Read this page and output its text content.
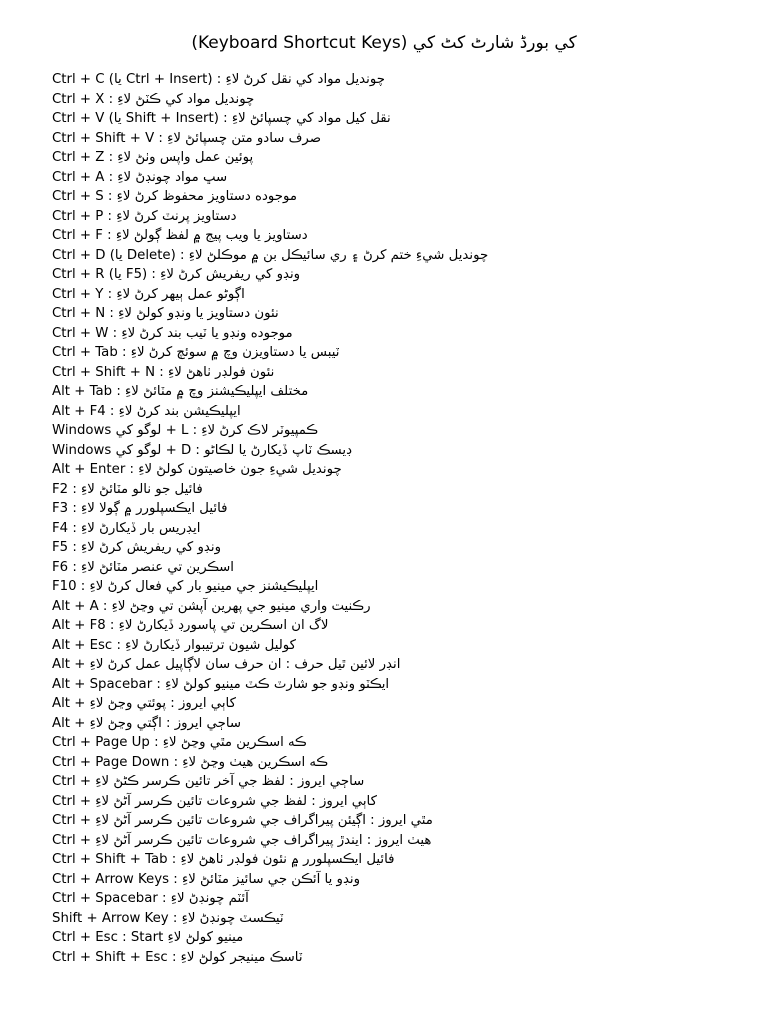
کي بورڈ شارٹ کٹ کي (Keyboard Shortcut Keys)
Ctrl + C (يا Ctrl + Insert) : چونديل مواد کي نقل کرڻ لاءِ
Ctrl + X : چونديل مواد کي ڪٽڻ لاءِ
Ctrl + V (يا Shift + Insert) : نقل کيل مواد کي چسپائڻ لاءِ
Ctrl + Shift + V : صرف سادو متن چسپائڻ لاءِ
Ctrl + Z : پوئين عمل واپس وٺڻ لاءِ
Ctrl + A : سڀ مواد چونڊڻ لاءِ
Ctrl + S : موجوده دستاويز محفوظ کرڻ لاءِ
Ctrl + P : دستاويز پرنٽ کرڻ لاءِ
Ctrl + F : دستاويز يا ويب پيج ۾ لفظ ڳولڻ لاءِ
Ctrl + D (يا Delete) : چونديل شيءِ ختم کرڻ ۽ ري سائيڪل بن ۾ موڪلڻ لاءِ
Ctrl + R (يا F5) : ونڊو کي ريفريش کرڻ لاءِ
Ctrl + Y : اڳوڻو عمل ٻيهر کرڻ لاءِ
Ctrl + N : نئون دستاويز يا ونڊو کولڻ لاءِ
Ctrl + W : موجوده ونڊو يا ٽيب بند کرڻ لاءِ
Ctrl + Tab : ٽيبس يا دستاويزن وچ ۾ سوئچ کرڻ لاءِ
Ctrl + Shift + N : نئون فولڊر ٺاهڻ لاءِ
Alt + Tab : مختلف ايپليڪيشنز وچ ۾ مٽائڻ لاءِ
Alt + F4 : ايپليڪيشن بند کرڻ لاءِ
Windows لوگو کي + L : ڪمپيوٽر لاڪ کرڻ لاءِ
Windows لوگو کي + D : ڊيسڪ ٽاپ ڏيکارڻ يا لڪاڻو
Alt + Enter : چونديل شيءِ جون خاصيتون کولڻ لاءِ
F2 : فائيل جو نالو مٽائڻ لاءِ
F3 : فائيل ايڪسپلورر ۾ ڳولا لاءِ
F4 : ايڊريس بار ڏيکارڻ لاءِ
F5 : ونڊو کي ريفريش کرڻ لاءِ
F6 : اسڪرين تي عنصر مٽائڻ لاءِ
F10 : ايپليڪيشنز جي مينيو بار کي فعال کرڻ لاءِ
Alt + A : رڪنيت واري مينيو جي پهرين آپشن تي وڃڻ لاءِ
Alt + F8 : لاگ ان اسڪرين تي پاسورڊ ڏيکارڻ لاءِ
Alt + Esc : کوليل شيون ترتيبوار ڏيکارڻ لاءِ
Alt + انڊر لائين ٿيل حرف : ان حرف سان لاڳاپيل عمل کرڻ لاءِ
Alt + Spacebar : ايڪٽو ونڊو جو شارٽ ڪٽ مينيو کولڻ لاءِ
Alt + کاٻي ايروز : پوئتي وڃڻ لاءِ
Alt + ساڄي ايروز : اڳتي وڃڻ لاءِ
Ctrl + Page Up : ڪه اسڪرين مٿي وڃڻ لاءِ
Ctrl + Page Down : ڪه اسڪرين هيٺ وڃڻ لاءِ
Ctrl + ساڄي ايروز : لفظ جي آخر تائين ڪرسر ڪڻڻ لاءِ
Ctrl + کاٻي ايروز : لفظ جي شروعات تائين ڪرسر آڻڻ لاءِ
Ctrl + مٿي ايروز : اڳيئن پيراگراف جي شروعات تائين ڪرسر آڻڻ لاءِ
Ctrl + هيٺ ايروز : ايندڙ پيراگراف جي شروعات تائين ڪرسر آڻڻ لاءِ
Ctrl + Shift + Tab : فائيل ايڪسپلورر ۾ نئون فولڊر ٺاهڻ لاءِ
Ctrl + Arrow Keys : ونڊو يا آئڪن جي سائيز مٽائڻ لاءِ
Ctrl + Spacebar : آئٽم چونڊڻ لاءِ
Shift + Arrow Key : ٽيڪسٽ چونڊڻ لاءِ
Ctrl + Esc : Start مينيو کولڻ لاءِ
Ctrl + Shift + Esc : ٽاسڪ مينيجر کولڻ لاءِ
